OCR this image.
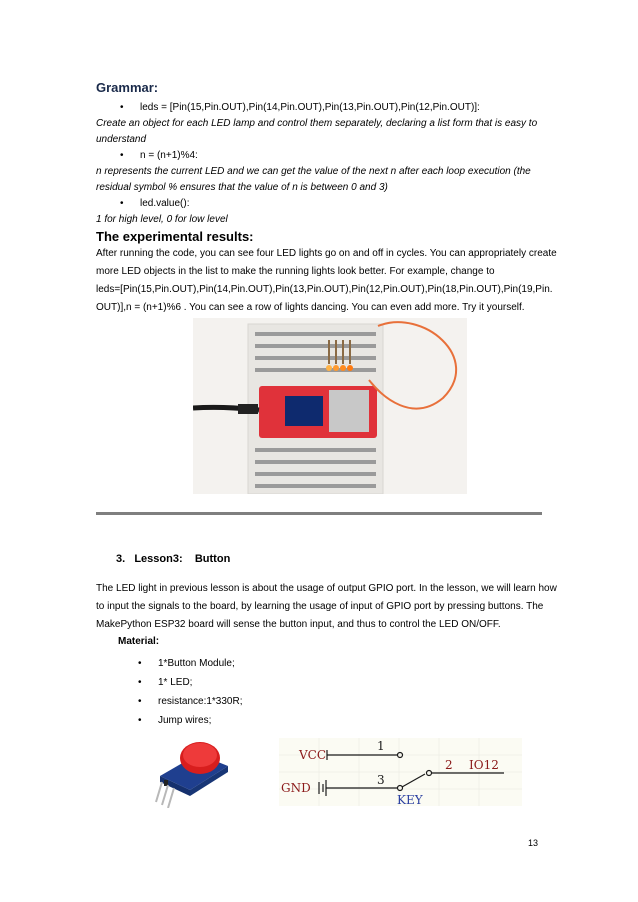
Grammar:
• leds = [Pin(15,Pin.OUT),Pin(14,Pin.OUT),Pin(13,Pin.OUT),Pin(12,Pin.OUT)]:
Create an object for each LED lamp and control them separately, declaring a list form that is easy to
understand
• n = (n+1)%4:
n represents the current LED and we can get the value of the next n after each loop execution (the
residual symbol % ensures that the value of n is between 0 and 3)
• led.value():
1 for high level, 0 for low level
The experimental results:
After running the code, you can see four LED lights go on and off in cycles. You can appropriately create
more LED objects in the list to make the running lights look better. For example, change to
leds=[Pin(15,Pin.OUT),Pin(14,Pin.OUT),Pin(13,Pin.OUT),Pin(12,Pin.OUT),Pin(18,Pin.OUT),Pin(19,Pin.
OUT)],n = (n+1)%6 . You can see a row of lights dancing. You can even add more. Try it yourself.
3.   Lesson3:    Button
The LED light in previous lesson is about the usage of output GPIO port. In the lesson, we will learn how
to input the signals to the board, by learning the usage of input of GPIO port by pressing buttons. The
MakePython ESP32 board will sense the button input, and thus to control the LED ON/OFF.
Material:
• 1*Button Module;
• 1* LED;
• resistance:1*330R;
• Jump wires;
VCC
GND
2 IO12
1
3
KEY
13
